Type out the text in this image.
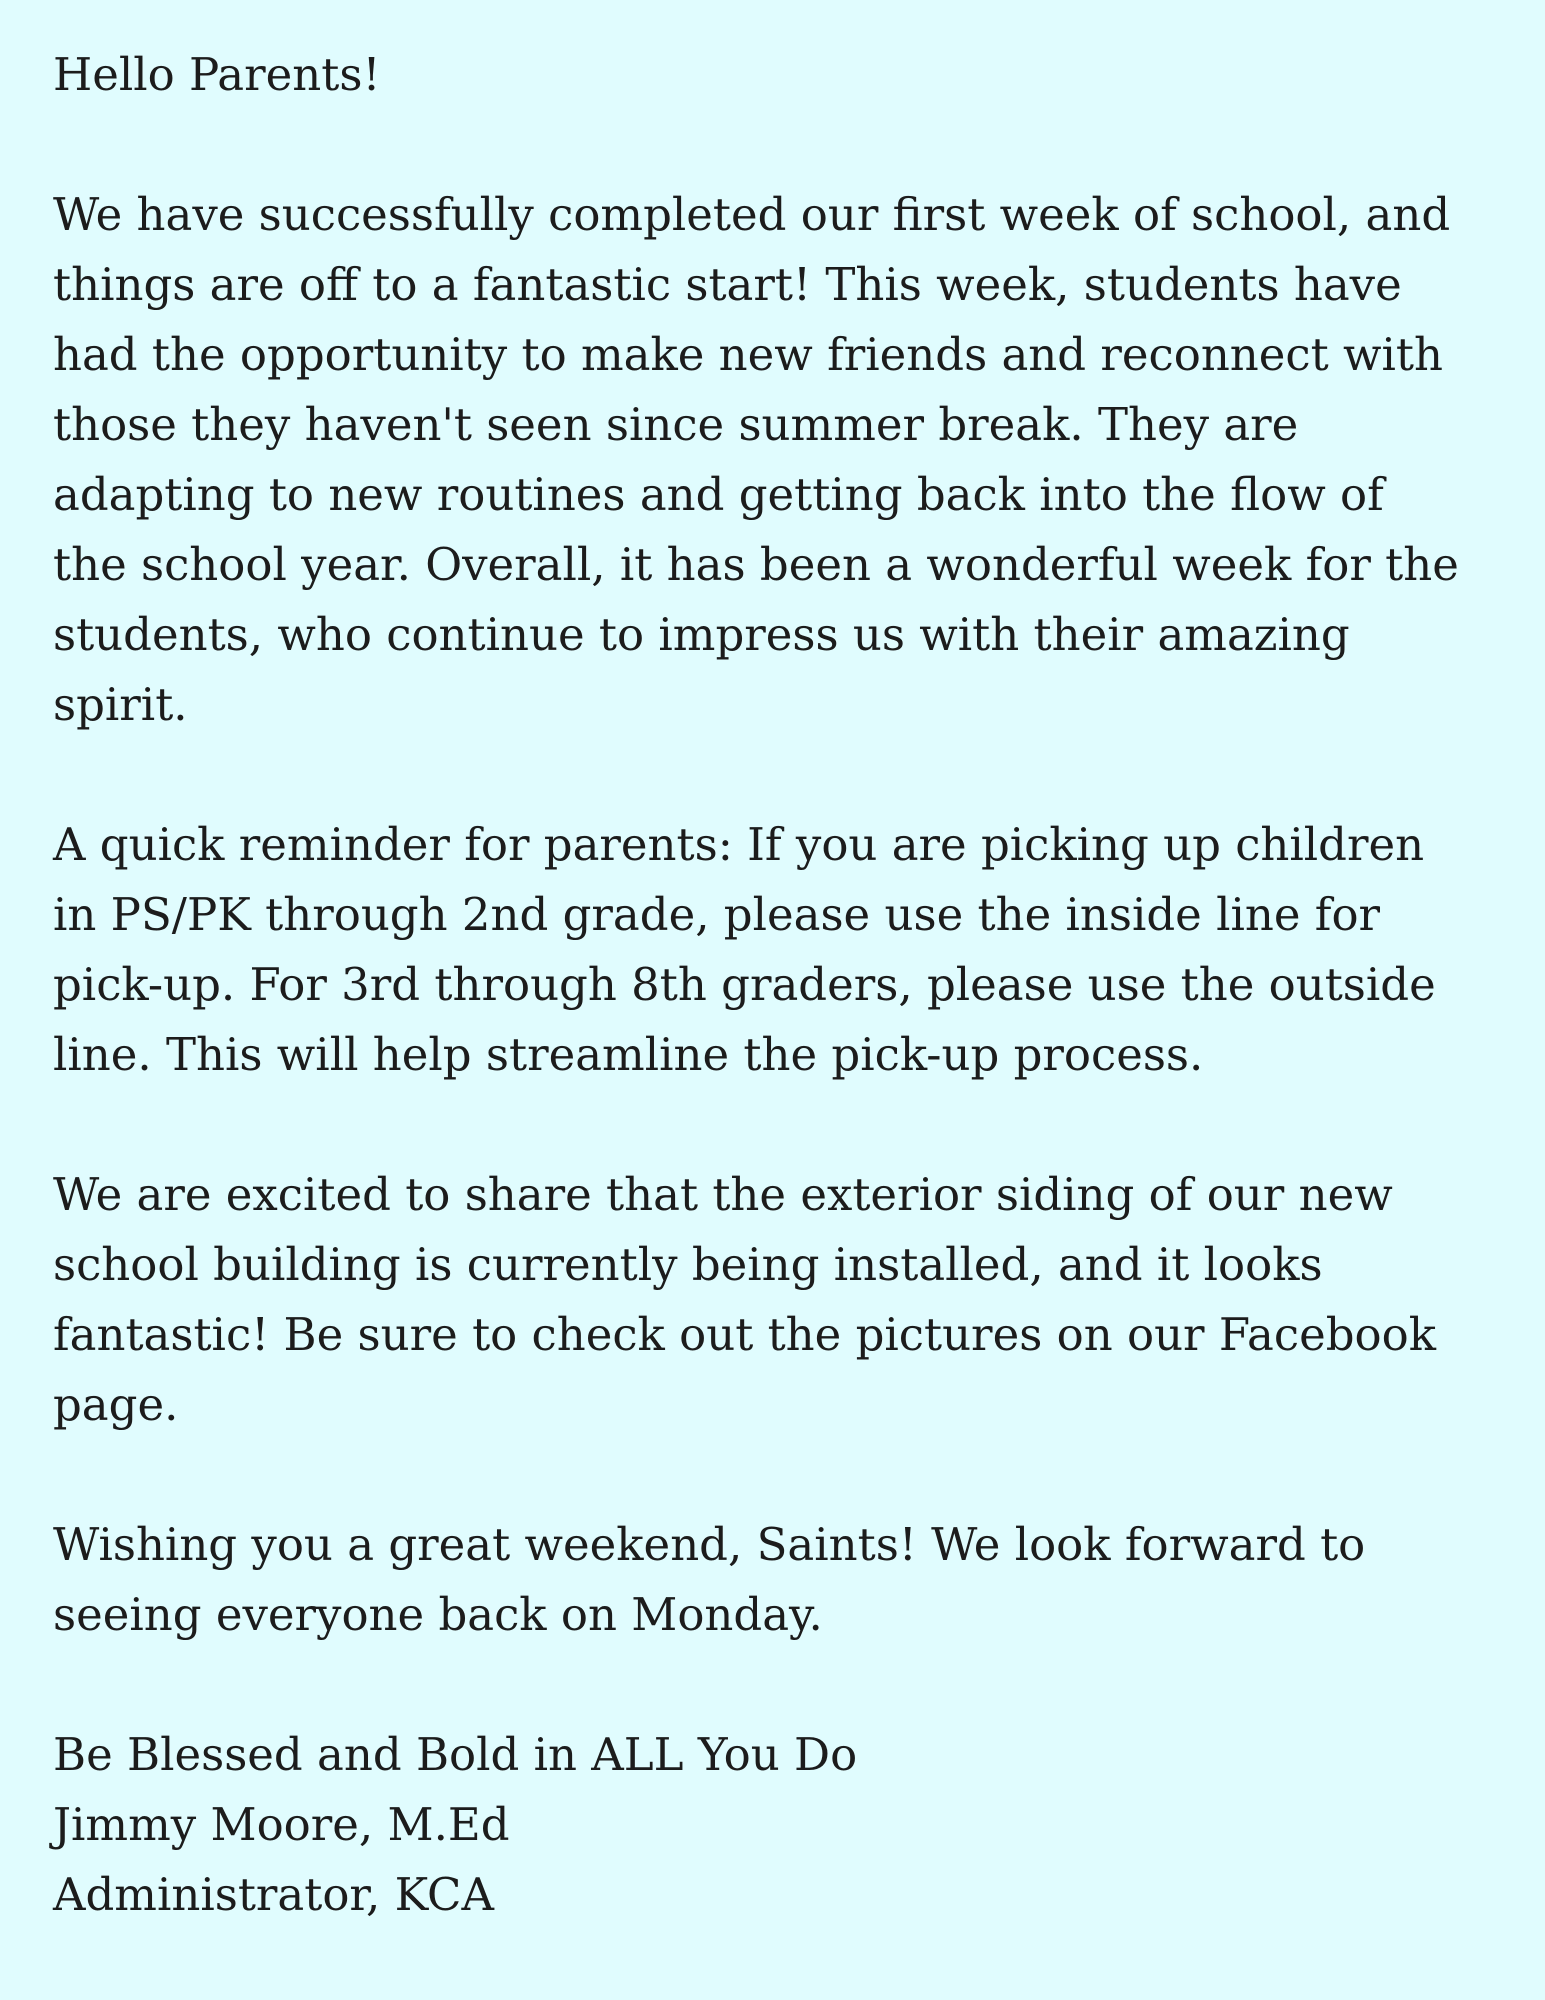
Hello Parents!

We have successfully completed our first week of school, and
things are off to a fantastic start! This week, students have
had the opportunity to make new friends and reconnect with
those they haven't seen since summer break. They are
adapting to new routines and getting back into the flow of
the school year. Overall, it has been a wonderful week for the
students, who continue to impress us with their amazing
spirit.

A quick reminder for parents: If you are picking up children
in PS/PK through 2nd grade, please use the inside line for
pick-up. For 3rd through 8th graders, please use the outside
line. This will help streamline the pick-up process.

We are excited to share that the exterior siding of our new
school building is currently being installed, and it looks
fantastic! Be sure to check out the pictures on our Facebook
page.

Wishing you a great weekend, Saints! We look forward to
seeing everyone back on Monday.

Be Blessed and Bold in ALL You Do
Jimmy Moore, M.Ed
Administrator, KCA
